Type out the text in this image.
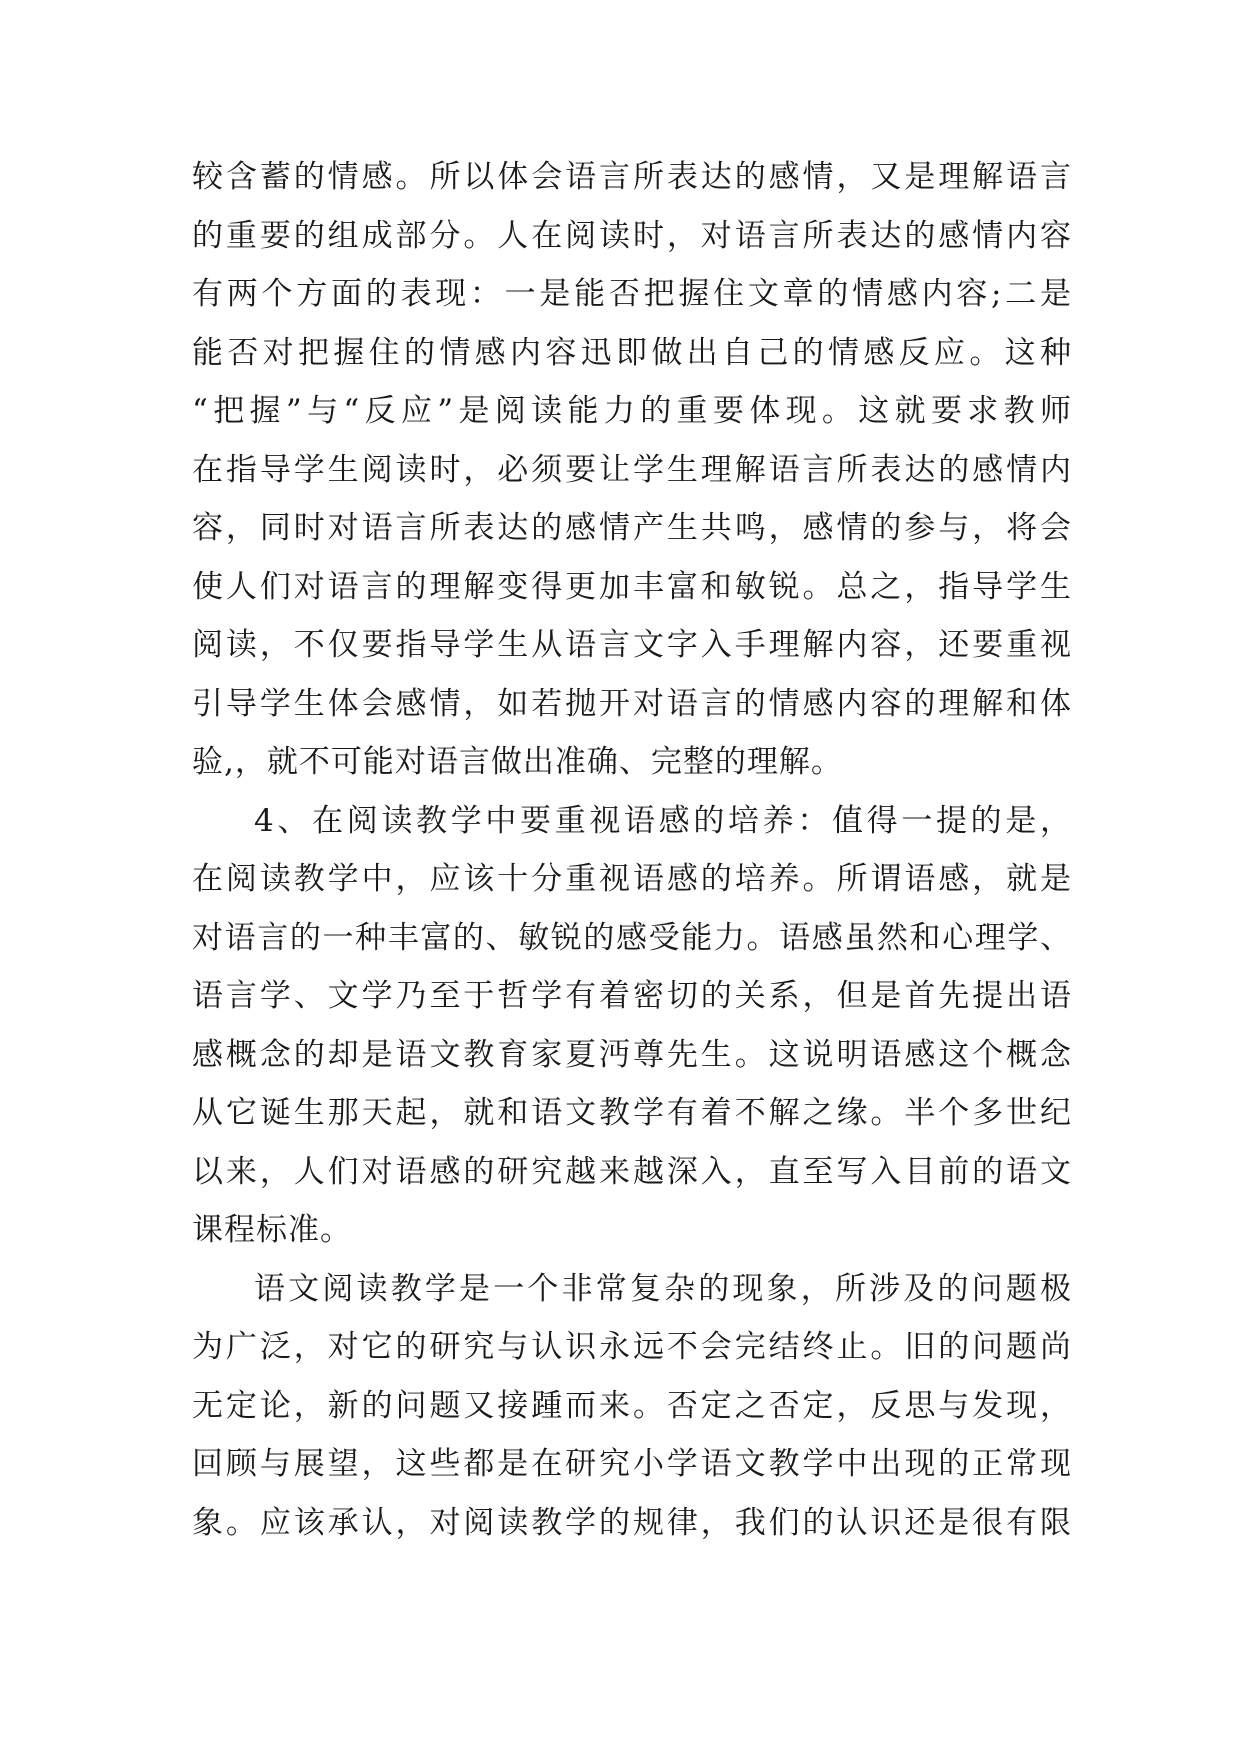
较含蓄的情感。所以体会语言所表达的感情，又是理解语言
的重要的组成部分。人在阅读时，对语言所表达的感情内容
有两个方面的表现：一是能否把握住文章的情感内容;二是
能否对把握住的情感内容迅即做出自己的情感反应。这种
“把握”与“反应”是阅读能力的重要体现。这就要求教师
在指导学生阅读时，必须要让学生理解语言所表达的感情内
容，同时对语言所表达的感情产生共鸣，感情的参与，将会
使人们对语言的理解变得更加丰富和敏锐。总之，指导学生
阅读，不仅要指导学生从语言文字入手理解内容，还要重视
引导学生体会感情，如若抛开对语言的情感内容的理解和体
验,，就不可能对语言做出准确、完整的理解。
4、在阅读教学中要重视语感的培养：值得一提的是，
在阅读教学中，应该十分重视语感的培养。所谓语感，就是
对语言的一种丰富的、敏锐的感受能力。语感虽然和心理学、
语言学、文学乃至于哲学有着密切的关系，但是首先提出语
感概念的却是语文教育家夏沔尊先生。这说明语感这个概念
从它诞生那天起，就和语文教学有着不解之缘。半个多世纪
以来，人们对语感的研究越来越深入，直至写入目前的语文
课程标准。
语文阅读教学是一个非常复杂的现象，所涉及的问题极
为广泛，对它的研究与认识永远不会完结终止。旧的问题尚
无定论，新的问题又接踵而来。否定之否定，反思与发现，
回顾与展望，这些都是在研究小学语文教学中出现的正常现
象。应该承认，对阅读教学的规律，我们的认识还是很有限
